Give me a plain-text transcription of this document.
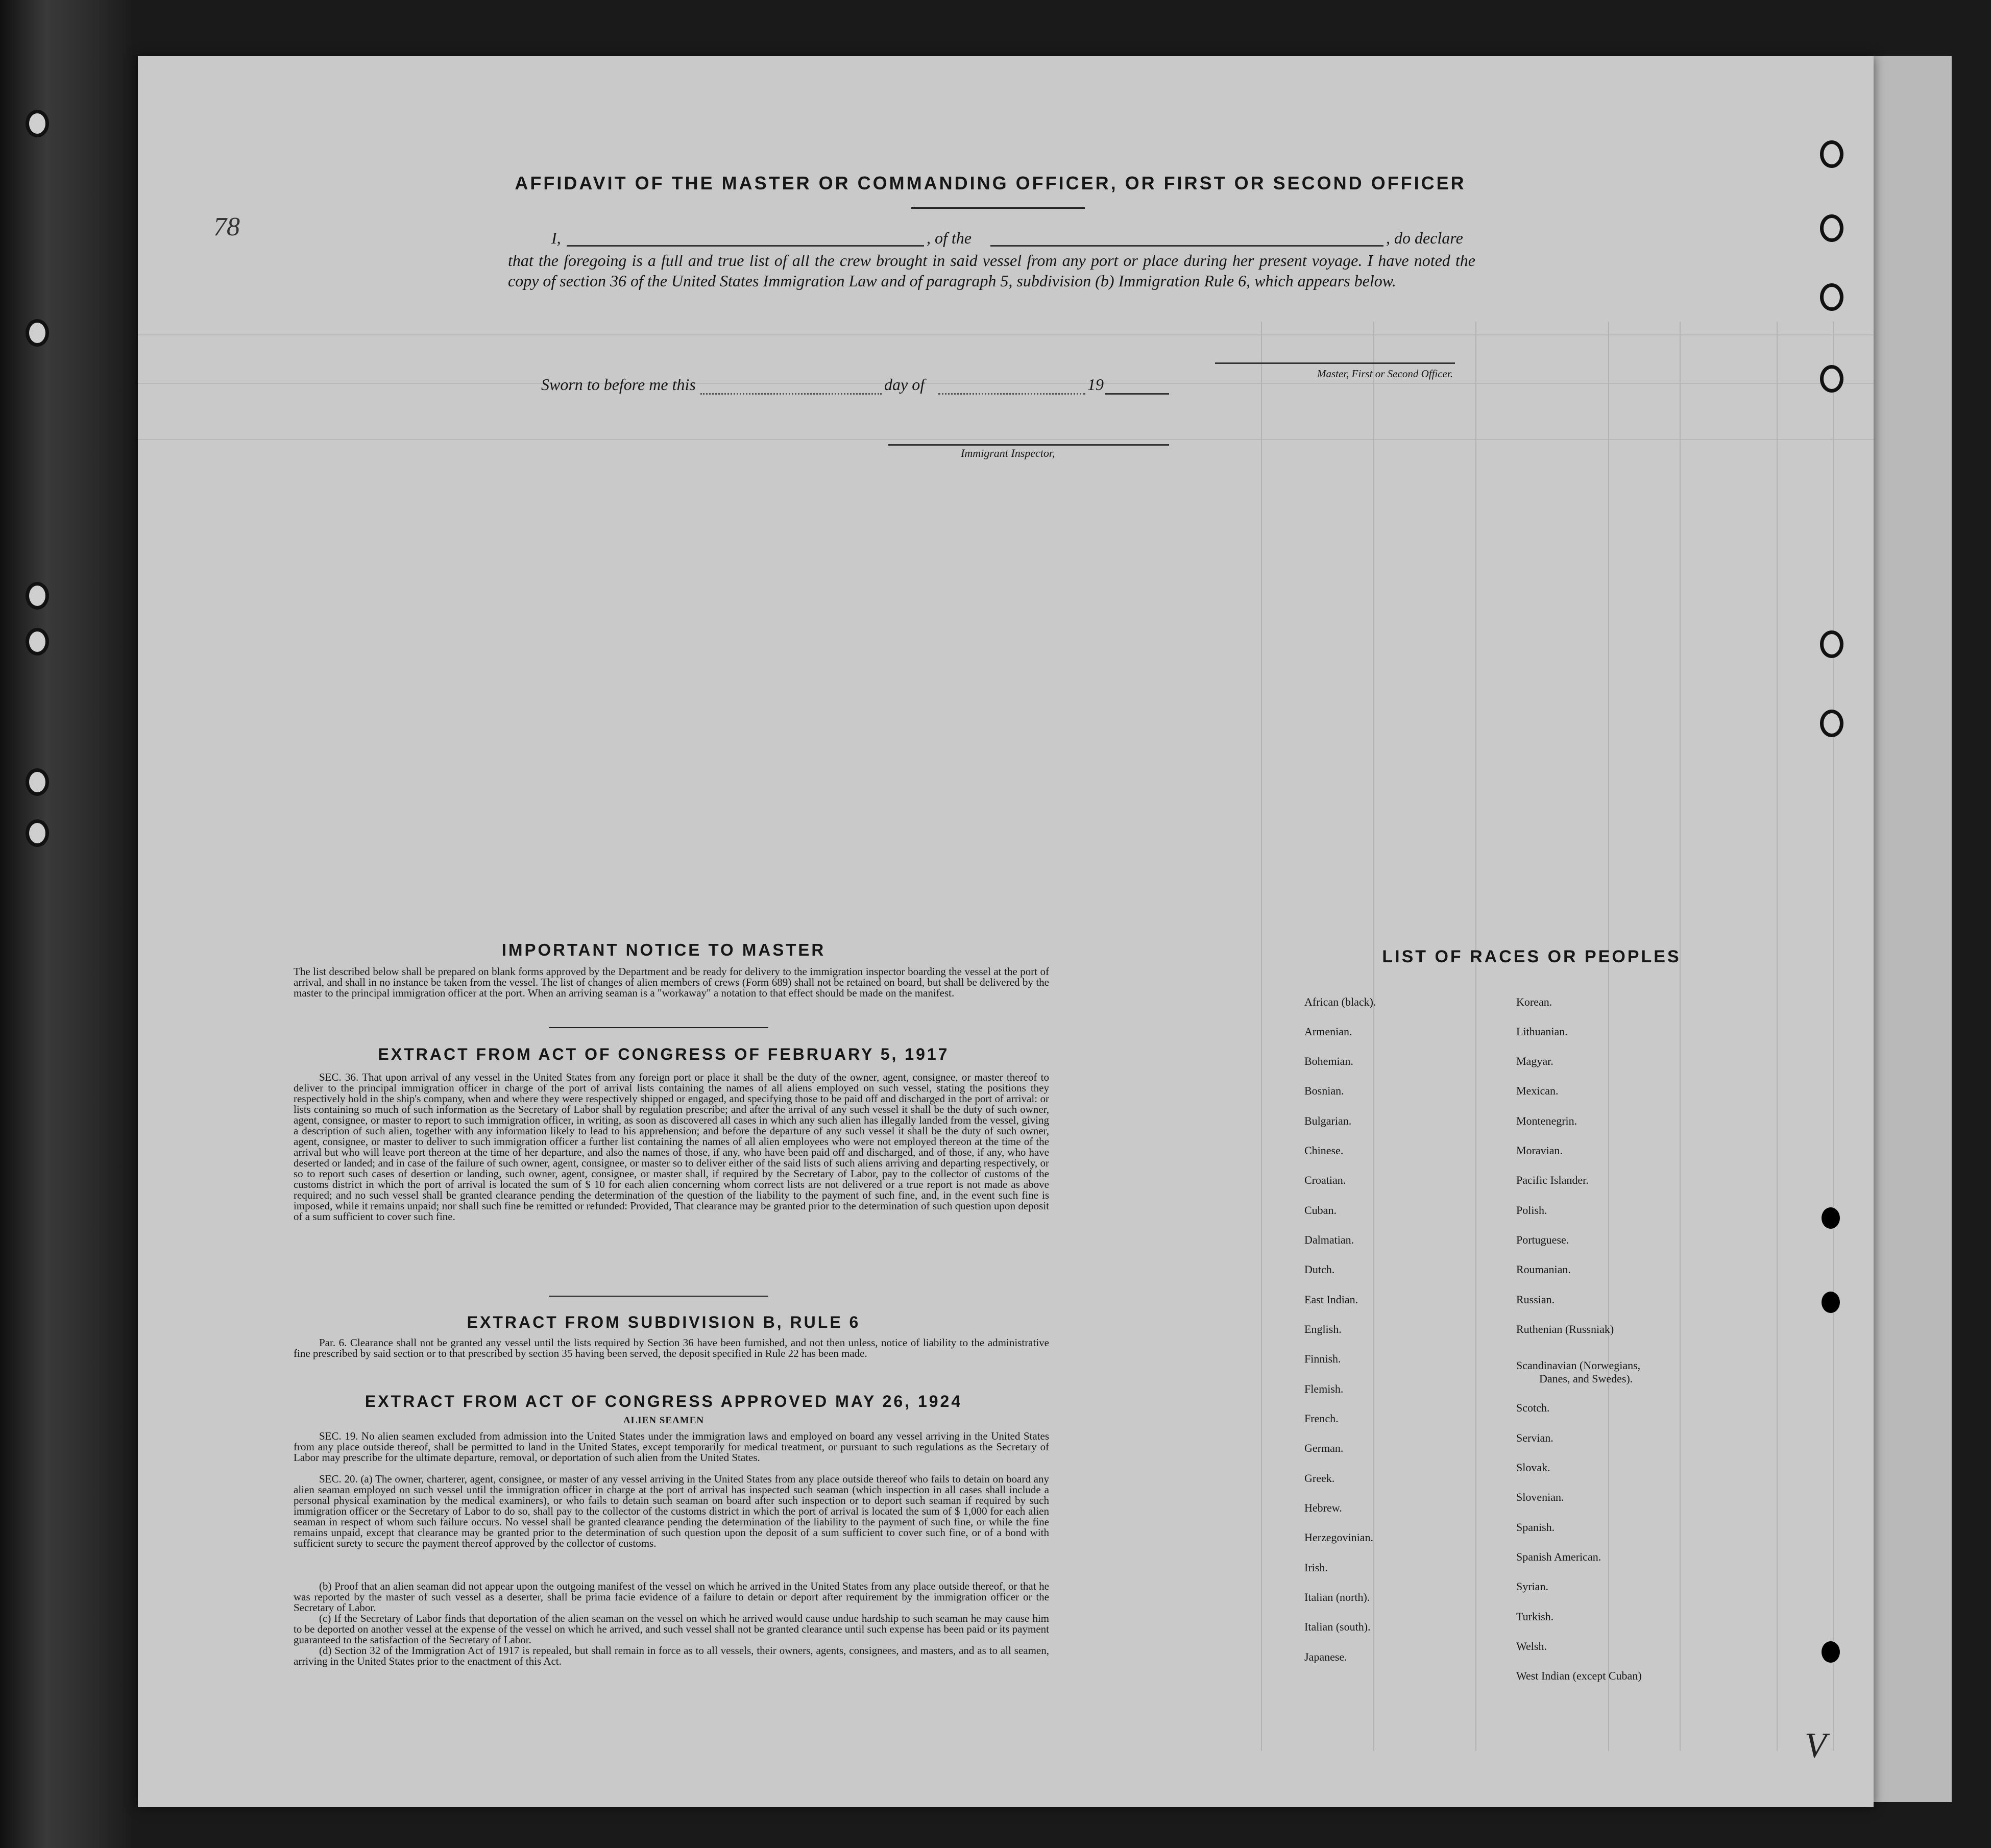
78
AFFIDAVIT OF THE MASTER OR COMMANDING OFFICER, OR FIRST OR SECOND OFFICER
I,	, of the	, do declare
that the foregoing is a full and true list of all the crew brought in said vessel from any port or place during her present voyage. I have noted the copy of section 36 of the United States Immigration Law and of paragraph 5, subdivision (b) Immigration Rule 6, which appears below.
Master, First or Second Officer.
Sworn to before me this	day of	19
Immigrant Inspector,
IMPORTANT NOTICE TO MASTER
The list described below shall be prepared on blank forms approved by the Department and be ready for delivery to the immigration inspector boarding the vessel at the port of arrival, and shall in no instance be taken from the vessel. The list of changes of alien members of crews (Form 689) shall not be retained on board, but shall be delivered by the master to the principal immigration officer at the port. When an arriving seaman is a "workaway" a notation to that effect should be made on the manifest.
EXTRACT FROM ACT OF CONGRESS OF FEBRUARY 5, 1917
SEC. 36. That upon arrival of any vessel in the United States from any foreign port or place it shall be the duty of the owner, agent, consignee, or master thereof to deliver to the principal immigration officer in charge of the port of arrival lists containing the names of all aliens employed on such vessel, stating the positions they respectively hold in the ship's company, when and where they were respectively shipped or engaged, and specifying those to be paid off and discharged in the port of arrival: or lists containing so much of such information as the Secretary of Labor shall by regulation prescribe; and after the arrival of any such vessel it shall be the duty of such owner, agent, consignee, or master to report to such immigration officer, in writing, as soon as discovered all cases in which any such alien has illegally landed from the vessel, giving a description of such alien, together with any information likely to lead to his apprehension; and before the departure of any such vessel it shall be the duty of such owner, agent, consignee, or master to deliver to such immigration officer a further list containing the names of all alien employees who were not employed thereon at the time of the arrival but who will leave port thereon at the time of her departure, and also the names of those, if any, who have been paid off and discharged, and of those, if any, who have deserted or landed; and in case of the failure of such owner, agent, consignee, or master so to deliver either of the said lists of such aliens arriving and departing respectively, or so to report such cases of desertion or landing, such owner, agent, consignee, or master shall, if required by the Secretary of Labor, pay to the collector of customs of the customs district in which the port of arrival is located the sum of $ 10 for each alien concerning whom correct lists are not delivered or a true report is not made as above required; and no such vessel shall be granted clearance pending the determination of the question of the liability to the payment of such fine, and, in the event such fine is imposed, while it remains unpaid; nor shall such fine be remitted or refunded: Provided, That clearance may be granted prior to the determination of such question upon deposit of a sum sufficient to cover such fine.
EXTRACT FROM SUBDIVISION B, RULE 6
Par. 6. Clearance shall not be granted any vessel until the lists required by Section 36 have been furnished, and not then unless, notice of liability to the administrative fine prescribed by said section or to that prescribed by section 35 having been served, the deposit specified in Rule 22 has been made.
EXTRACT FROM ACT OF CONGRESS APPROVED MAY 26, 1924
ALIEN SEAMEN
SEC. 19. No alien seamen excluded from admission into the United States under the immigration laws and employed on board any vessel arriving in the United States from any place outside thereof, shall be permitted to land in the United States, except temporarily for medical treatment, or pursuant to such regulations as the Secretary of Labor may prescribe for the ultimate departure, removal, or deportation of such alien from the United States.
SEC. 20. (a) The owner, charterer, agent, consignee, or master of any vessel arriving in the United States from any place outside thereof who fails to detain on board any alien seaman employed on such vessel until the immigration officer in charge at the port of arrival has inspected such seaman (which inspection in all cases shall include a personal physical examination by the medical examiners), or who fails to detain such seaman on board after such inspection or to deport such seaman if required by such immigration officer or the Secretary of Labor to do so, shall pay to the collector of the customs district in which the port of arrival is located the sum of $ 1,000 for each alien seaman in respect of whom such failure occurs. No vessel shall be granted clearance pending the determination of the liability to the payment of such fine, or while the fine remains unpaid, except that clearance may be granted prior to the determination of such question upon the deposit of a sum sufficient to cover such fine, or of a bond with sufficient surety to secure the payment thereof approved by the collector of customs.
(b) Proof that an alien seaman did not appear upon the outgoing manifest of the vessel on which he arrived in the United States from any place outside thereof, or that he was reported by the master of such vessel as a deserter, shall be prima facie evidence of a failure to detain or deport after requirement by the immigration officer or the Secretary of Labor.
(c) If the Secretary of Labor finds that deportation of the alien seaman on the vessel on which he arrived would cause undue hardship to such seaman he may cause him to be deported on another vessel at the expense of the vessel on which he arrived, and such vessel shall not be granted clearance until such expense has been paid or its payment guaranteed to the satisfaction of the Secretary of Labor.
(d) Section 32 of the Immigration Act of 1917 is repealed, but shall remain in force as to all vessels, their owners, agents, consignees, and masters, and as to all seamen, arriving in the United States prior to the enactment of this Act.
LIST OF RACES OR PEOPLES
African (black).
Armenian.
Bohemian.
Bosnian.
Bulgarian.
Chinese.
Croatian.
Cuban.
Dalmatian.
Dutch.
East Indian.
English.
Finnish.
Flemish.
French.
German.
Greek.
Hebrew.
Herzegovinian.
Irish.
Italian (north).
Italian (south).
Japanese.
Korean.
Lithuanian.
Magyar.
Mexican.
Montenegrin.
Moravian.
Pacific Islander.
Polish.
Portuguese.
Roumanian.
Russian.
Ruthenian (Russniak)
Scandinavian (Norwegians,
Danes, and Swedes).
Scotch.
Servian.
Slovak.
Slovenian.
Spanish.
Spanish American.
Syrian.
Turkish.
Welsh.
West Indian (except Cuban)
V
